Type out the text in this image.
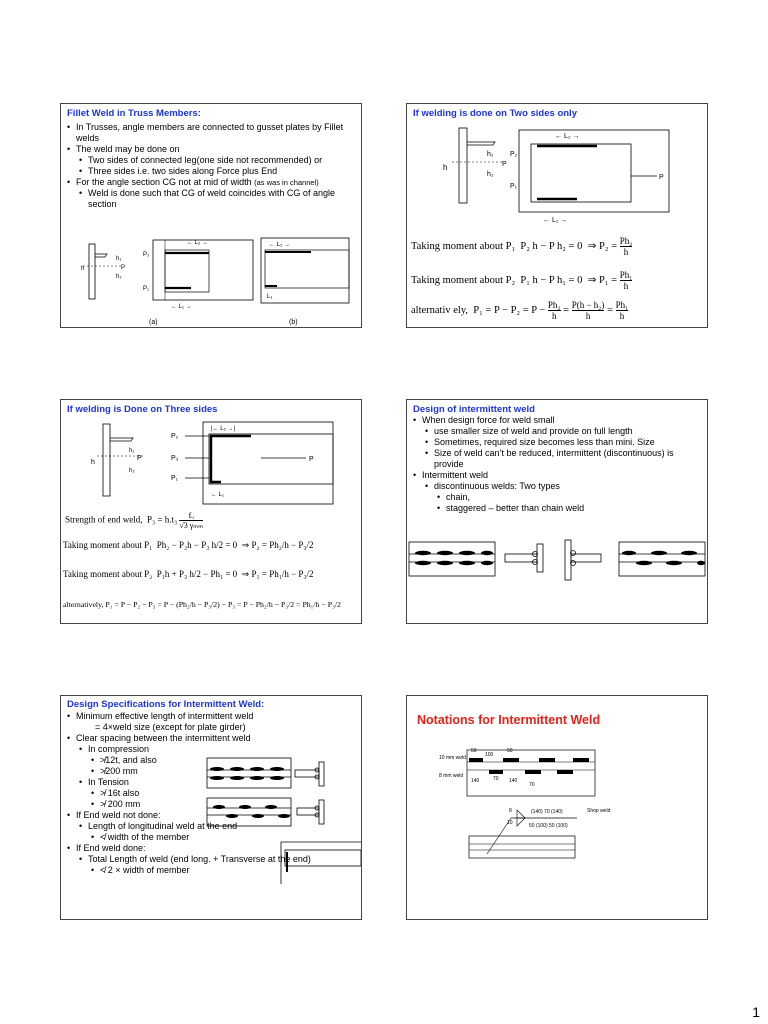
Fillet Weld in Truss Members:
• In Trusses, angle members are connected to gusset plates by Fillet welds
• The weld may be done on
• Two sides of connected leg(one side not recommended) or
• Three sides i.e. two sides along Force plus End
• For the angle section CG not at mid of width (as was in channel)
• Weld is done such that CG of weld coincides with CG of angle section
h₁
h₂
P
h
P₂
P₁
← L₂ →
← L₁ →
(a)
← L₂ →
L₁
(b)
If welding is done on Two sides only
h
h₁
h₂
P
P
P₂
P₁
← L₂ →
← L₁ →
Taking moment about P₁ P₂ h − P h₂ = 0 ⇒ $P_2 = \frac{\text{Ph₂}}{h}$
Taking moment about P₂ P₁ h − P h₁ = 0 ⇒ $P_1 = \frac{\text{Ph₁}}{h}$
alternativ ely, $P_1 = P - P_2 = P - \frac{\text{Ph₂}}{h} = \frac{\text{P(h − h₂)}}{h} = \frac{\text{Ph₁}}{h}$
If welding is Done on Three sides
h
h₁
h₂
P
P₂
P₃
P₁
P
|← L₂ →|
← L₁
Strength of end weld, P₃ = h.t₃	fᵤ
√3 γₘₘ
Taking moment about P₁ Ph₂ − P₂h − P₃ h/2 = 0 ⇒ P₂ = Ph₂/h − P₃/2
Taking moment about P₂ P₁h + P₃ h/2 − Ph₁ = 0 ⇒ P₁ = Ph₁/h − P₃/2
alternatively, P₁ = P − P₂ − P₃ = P − (Ph₂/h − P₃/2) − P₃ = P − Ph₂/h − P₃/2 = Ph₁/h − P₃/2
Design of intermittent weld
• When design force for weld small
• use smaller size of weld and provide on full length
• Sometimes, required size becomes less than mini. Size
• Size of weld can’t be reduced, intermittent (discontinuous) is provide
• Intermittent weld
• discontinuous welds: Two types
• chain,
• staggered – better than chain weld
Design Specifications for Intermittent Weld:
• Minimum effective length of intermittent weld
= 4×weld size (except for plate girder)
• Clear spacing between the intermittent weld
• In compression
• ≯12t, and also
• ≯200 mm
• In Tension
• ≯ 16t also
• ≯ 200 mm
• If End weld not done:
• Length of longitudinal weld at the end
• ≮ width of the member
• If End weld done:
• Total Length of weld (end long. + Transverse at the end)
• ≮ 2 × width of member
Notations for Intermittent Weld
10 mm weld
8 mm weld
50
100
50
140	70 140
70
8
10
(140) 70 (140)
50 (100) 50 (100)
Shop weld
1
